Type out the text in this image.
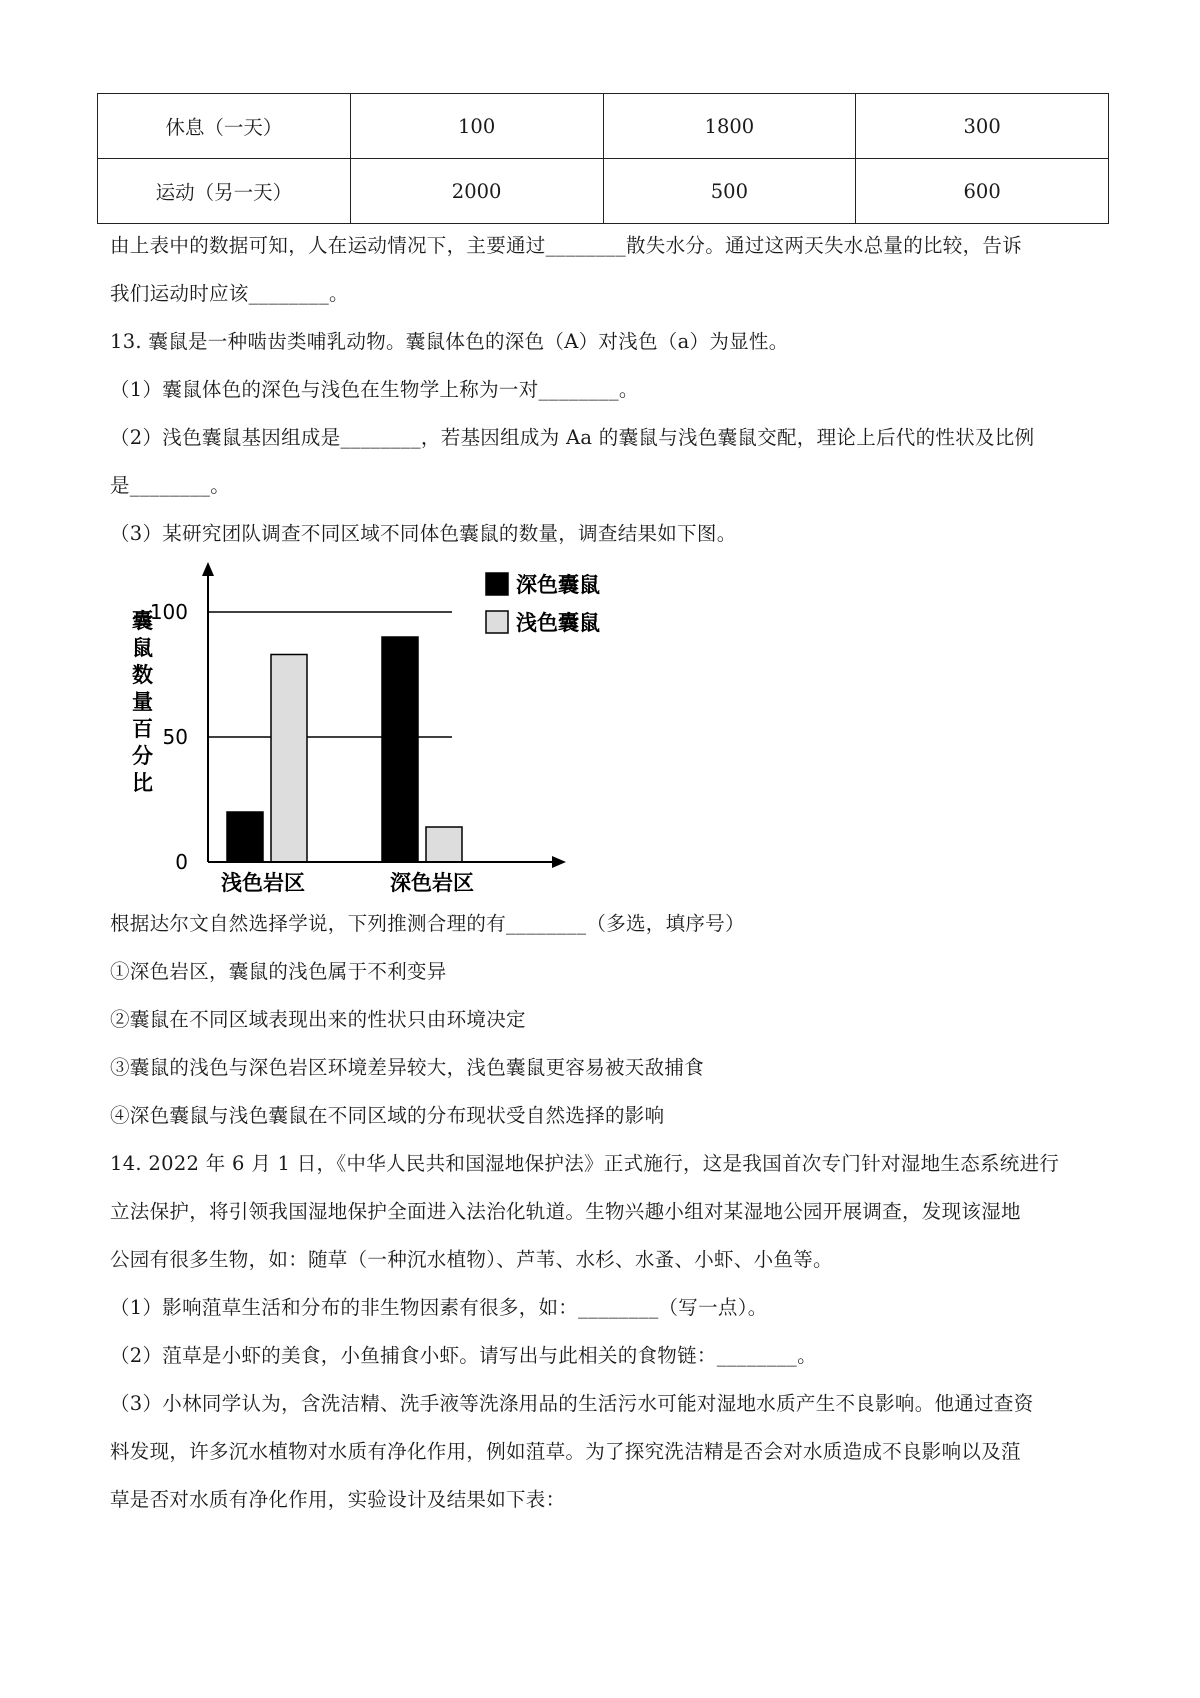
休息（一天）	100	1800	300
运动（另一天）	2000	500	600
由上表中的数据可知，人在运动情况下，主要通过________散失水分。通过这两天失水总量的比较，告诉
我们运动时应该________。
13. 囊鼠是一种啮齿类哺乳动物。囊鼠体色的深色（A）对浅色（a）为显性。
（1）囊鼠体色的深色与浅色在生物学上称为一对________。
（2）浅色囊鼠基因组成是________，若基因组成为 Aa 的囊鼠与浅色囊鼠交配，理论上后代的性状及比例
是________。
（3）某研究团队调查不同区域不同体色囊鼠的数量，调查结果如下图。
0
50
100
囊鼠数量百分比
浅色岩区	深色岩区
深色囊鼠
浅色囊鼠
根据达尔文自然选择学说，下列推测合理的有________（多选，填序号）
①深色岩区，囊鼠的浅色属于不利变异
②囊鼠在不同区域表现出来的性状只由环境决定
③囊鼠的浅色与深色岩区环境差异较大，浅色囊鼠更容易被天敌捕食
④深色囊鼠与浅色囊鼠在不同区域的分布现状受自然选择的影响
14. 2022 年 6 月 1 日，《中华人民共和国湿地保护法》正式施行，这是我国首次专门针对湿地生态系统进行
立法保护，将引领我国湿地保护全面进入法治化轨道。生物兴趣小组对某湿地公园开展调查，发现该湿地
公园有很多生物，如：随草（一种沉水植物）、芦苇、水杉、水蚤、小虾、小鱼等。
（1）影响菹草生活和分布的非生物因素有很多，如：________（写一点）。
（2）菹草是小虾的美食，小鱼捕食小虾。请写出与此相关的食物链：________。
（3）小林同学认为，含洗洁精、洗手液等洗涤用品的生活污水可能对湿地水质产生不良影响。他通过查资
料发现，许多沉水植物对水质有净化作用，例如菹草。为了探究洗洁精是否会对水质造成不良影响以及菹
草是否对水质有净化作用，实验设计及结果如下表：
